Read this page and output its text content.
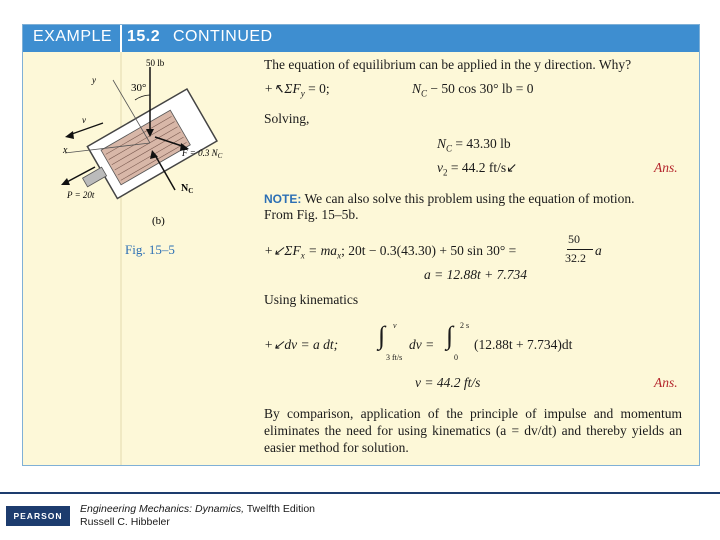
EXAMPLE 15.2 CONTINUED
50 lb
30°
y
v
x	F = 0.3 $N_C$
$N_C$
P = 20t
(b)
Fig. 15–5
The equation of equilibrium can be applied in the y direction. Why?
$+↖\Sigma F_y = 0$;	$N_C - 50$ cos 30° lb = 0
Solving,
$N_C = 43.30$ lb
$v_2 = 44.2$ ft/s↙	Ans.
NOTE: We can also solve this problem using the equation of motion.
From Fig. 15–5b.
$+↙\Sigma F_x = ma_x$; 20t − 0.3(43.30) + 50 sin 30° =
50
32.2 a
a = 12.88t + 7.734
Using kinematics
+↙dv = a dt; ∫ v
3 ft/s
dv = ∫ 2 s
0
(12.88t + 7.734)dt
v = 44.2 ft/s	Ans.
By comparison, application of the principle of impulse and momentum eliminates the need for using kinematics (a = dv/dt) and thereby yields an easier method for solution.
PEARSON
Engineering Mechanics: Dynamics, Twelfth Edition
Russell C. Hibbeler
